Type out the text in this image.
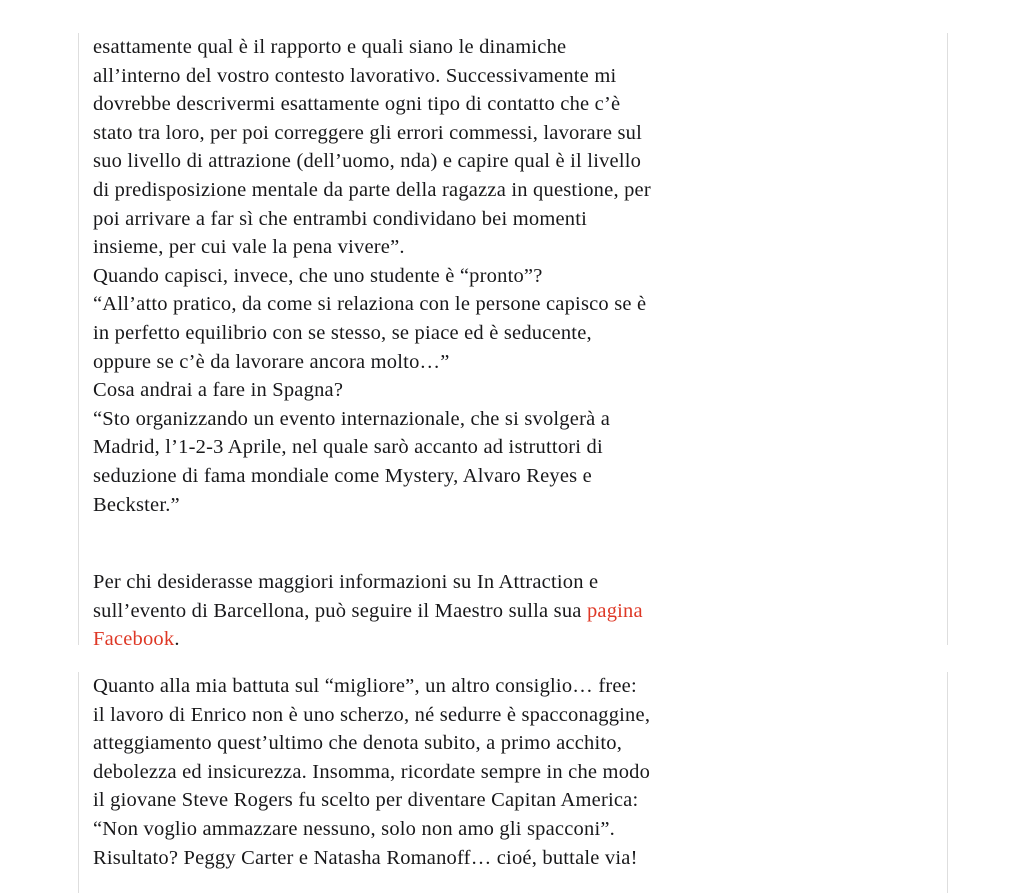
esattamente qual è il rapporto e quali siano le dinamiche all’interno del vostro contesto lavorativo. Successivamente mi dovrebbe descrivermi esattamente ogni tipo di contatto che c’è stato tra loro, per poi correggere gli errori commessi, lavorare sul suo livello di attrazione (dell’uomo, nda) e capire qual è il livello di predisposizione mentale da parte della ragazza in questione, per poi arrivare a far sì che entrambi condividano bei momenti insieme, per cui vale la pena vivere”.

Quando capisci, invece, che uno studente è “pronto”?

“All’atto pratico, da come si relaziona con le persone capisco se è in perfetto equilibrio con se stesso, se piace ed è seducente, oppure se c’è da lavorare ancora molto…”

Cosa andrai a fare in Spagna?

“Sto organizzando un evento internazionale, che si svolgerà a Madrid, l’1-2-3 Aprile, nel quale sarò accanto ad istruttori di seduzione di fama mondiale come Mystery, Alvaro Reyes e Beckster.”

Per chi desiderasse maggiori informazioni su In Attraction e sull’evento di Barcellona, può seguire il Maestro sulla sua pagina Facebook.

Quanto alla mia battuta sul “migliore”, un altro consiglio… free: il lavoro di Enrico non è uno scherzo, né sedurre è spacconaggine, atteggiamento quest’ultimo che denota subito, a primo acchito, debolezza ed insicurezza. Insomma, ricordate sempre in che modo il giovane Steve Rogers fu scelto per diventare Capitan America: “Non voglio ammazzare nessuno, solo non amo gli spacconi”. Risultato? Peggy Carter e Natasha Romanoff… cioé, buttale via!
